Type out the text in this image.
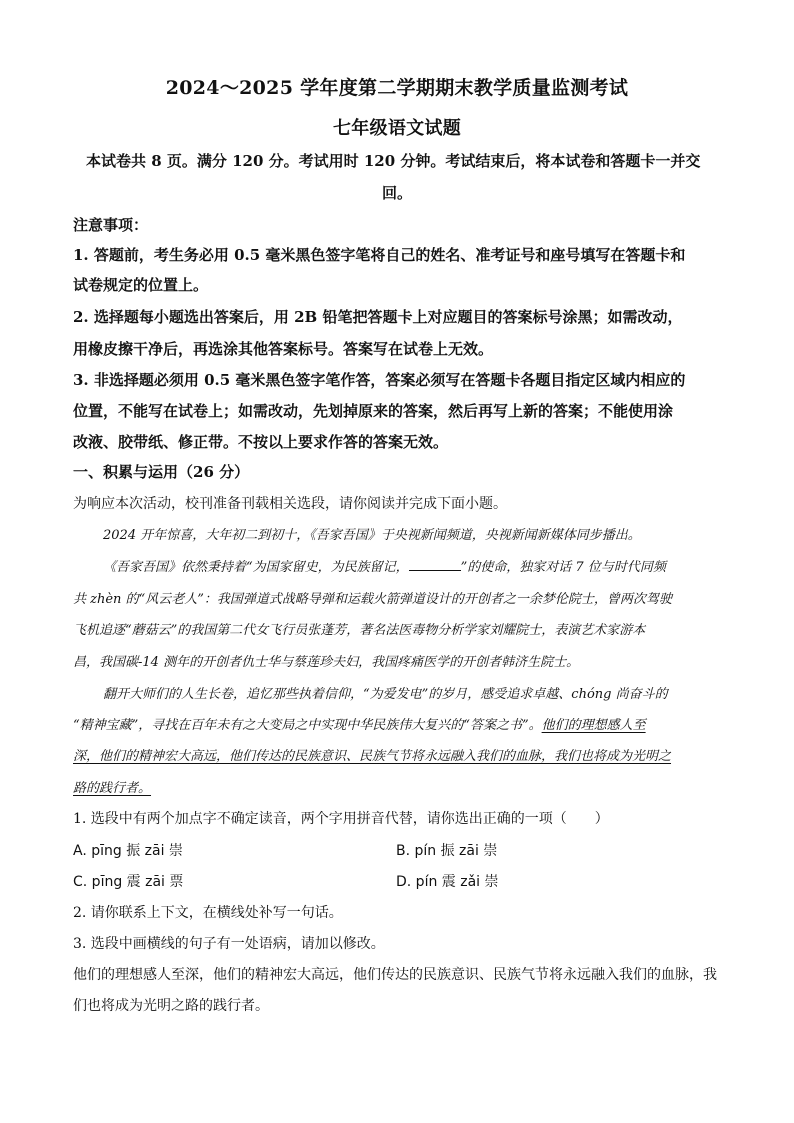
2024～2025 学年度第二学期期末教学质量监测考试
七年级语文试题
本试卷共 8 页。满分 120 分。考试用时 120 分钟。考试结束后，将本试卷和答题卡一并交
回。
注意事项：
1. 答题前，考生务必用 0.5 毫米黑色签字笔将自己的姓名、准考证号和座号填写在答题卡和
试卷规定的位置上。
2. 选择题每小题选出答案后，用 2B 铅笔把答题卡上对应题目的答案标号涂黑；如需改动，
用橡皮擦干净后，再选涂其他答案标号。答案写在试卷上无效。
3. 非选择题必须用 0.5 毫米黑色签字笔作答，答案必须写在答题卡各题目指定区域内相应的
位置，不能写在试卷上；如需改动，先划掉原来的答案，然后再写上新的答案；不能使用涂
改液、胶带纸、修正带。不按以上要求作答的答案无效。
一、积累与运用（26 分）
为响应本次活动，校刊准备刊载相关选段，请你阅读并完成下面小题。
2024 开年惊喜，大年初二到初十，《吾家吾国》于央视新闻频道，央视新闻新媒体同步播出。
《吾家吾国》依然秉持着“为国家留史，为民族留记，	”的使命，独家对话 7 位与时代同频
共 zhèn 的“风云老人”：我国弹道式战略导弹和运载火箭弹道设计的开创者之一余梦伦院士，曾两次驾驶
飞机追逐“蘑菇云”的我国第二代女飞行员张蓬芳，著名法医毒物分析学家刘耀院士，表演艺术家游本
昌，我国碳-14 测年的开创者仇士华与蔡莲珍夫妇，我国疼痛医学的开创者韩济生院士。
翻开大师们的人生长卷，追忆那些执着信仰，“为爱发电”的岁月，感受追求卓越、chóng 尚奋斗的
“精神宝藏”，寻找在百年未有之大变局之中实现中华民族伟大复兴的“答案之书”。他们的理想感人至
深，他们的精神宏大高远，他们传达的民族意识、民族气节将永远融入我们的血脉，我们也将成为光明之
路的践行者。
1. 选段中有两个加点字不确定读音，两个字用拼音代替，请你选出正确的一项（　　）
A. pīng 振 zāi 崇	B. pín 振 zāi 崇
C. pīng 震 zāi 票	D. pín 震 zǎi 崇
2. 请你联系上下文，在横线处补写一句话。
3. 选段中画横线的句子有一处语病，请加以修改。
他们的理想感人至深，他们的精神宏大高远，他们传达的民族意识、民族气节将永远融入我们的血脉，我
们也将成为光明之路的践行者。
